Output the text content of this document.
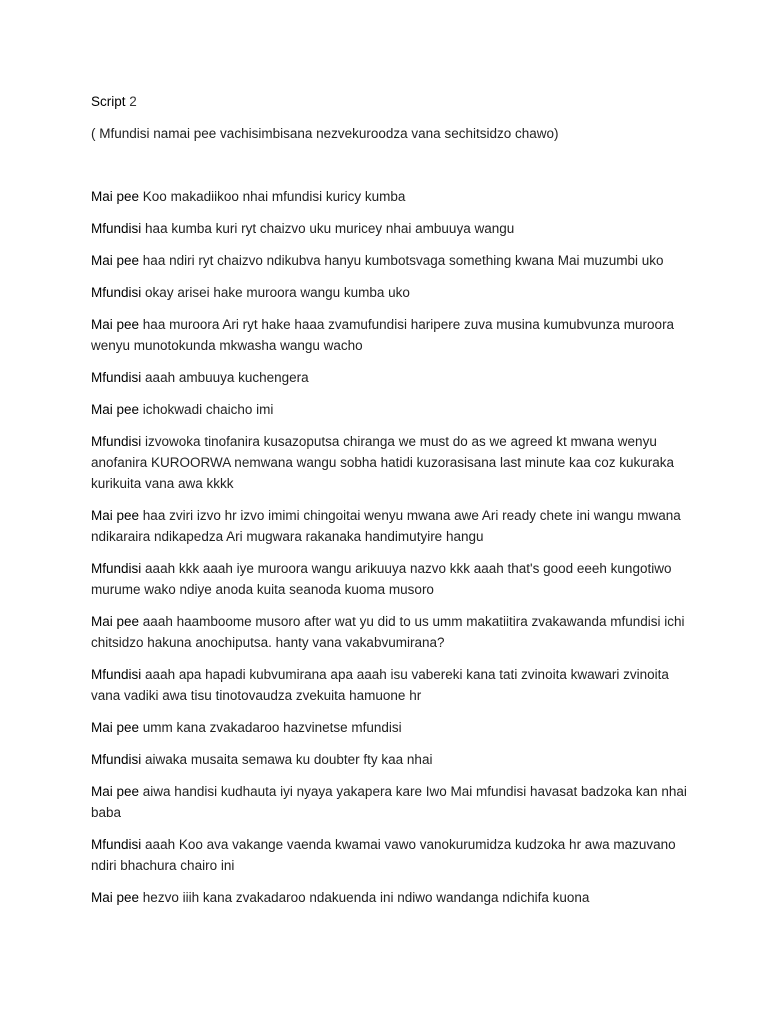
Script 2

( Mfundisi namai pee vachisimbisana nezvekuroodza vana sechitsidzo chawo)

Mai pee Koo makadiikoo nhai mfundisi kuricy kumba

Mfundisi haa kumba kuri ryt chaizvo uku muricey nhai ambuuya wangu

Mai pee haa ndiri ryt chaizvo ndikubva hanyu kumbotsvaga something kwana Mai muzumbi uko

Mfundisi okay arisei hake muroora wangu kumba uko

Mai pee haa muroora Ari ryt hake haaa zvamufundisi haripere zuva musina kumubvunza muroora wenyu munotokunda mkwasha wangu wacho

Mfundisi aaah ambuuya kuchengera

Mai pee ichokwadi chaicho imi

Mfundisi izvowoka tinofanira kusazoputsa chiranga we must do as we agreed kt mwana wenyu anofanira KUROORWA nemwana wangu sobha hatidi kuzorasisana last minute kaa coz kukuraka kurikuita vana awa kkkk

Mai pee haa zviri izvo hr izvo imimi chingoitai wenyu mwana awe Ari ready chete ini wangu mwana ndikaraira ndikapedza Ari mugwara rakanaka handimutyire hangu

Mfundisi aaah kkk aaah iye muroora wangu arikuuya nazvo kkk aaah that's good eeeh kungotiwo murume wako ndiye anoda kuita seanoda kuoma musoro

Mai pee aaah haamboome musoro after wat yu did to us umm makatiitira zvakawanda mfundisi ichi chitsidzo hakuna anochiputsa. hanty vana vakabvumirana?

Mfundisi aaah apa hapadi kubvumirana apa aaah isu vabereki kana tati zvinoita kwawari zvinoita vana vadiki awa tisu tinotovaudza zvekuita hamuone hr

Mai pee umm kana zvakadaroo hazvinetse mfundisi

Mfundisi aiwaka musaita semawa ku doubter fty kaa nhai

Mai pee aiwa handisi kudhauta iyi nyaya yakapera kare Iwo Mai mfundisi havasat badzoka kan nhai baba

Mfundisi aaah Koo ava vakange vaenda kwamai vawo vanokurumidza kudzoka hr awa mazuvano ndiri bhachura chairo ini

Mai pee hezvo iiih kana zvakadaroo ndakuenda ini ndiwo wandanga ndichifa kuona
